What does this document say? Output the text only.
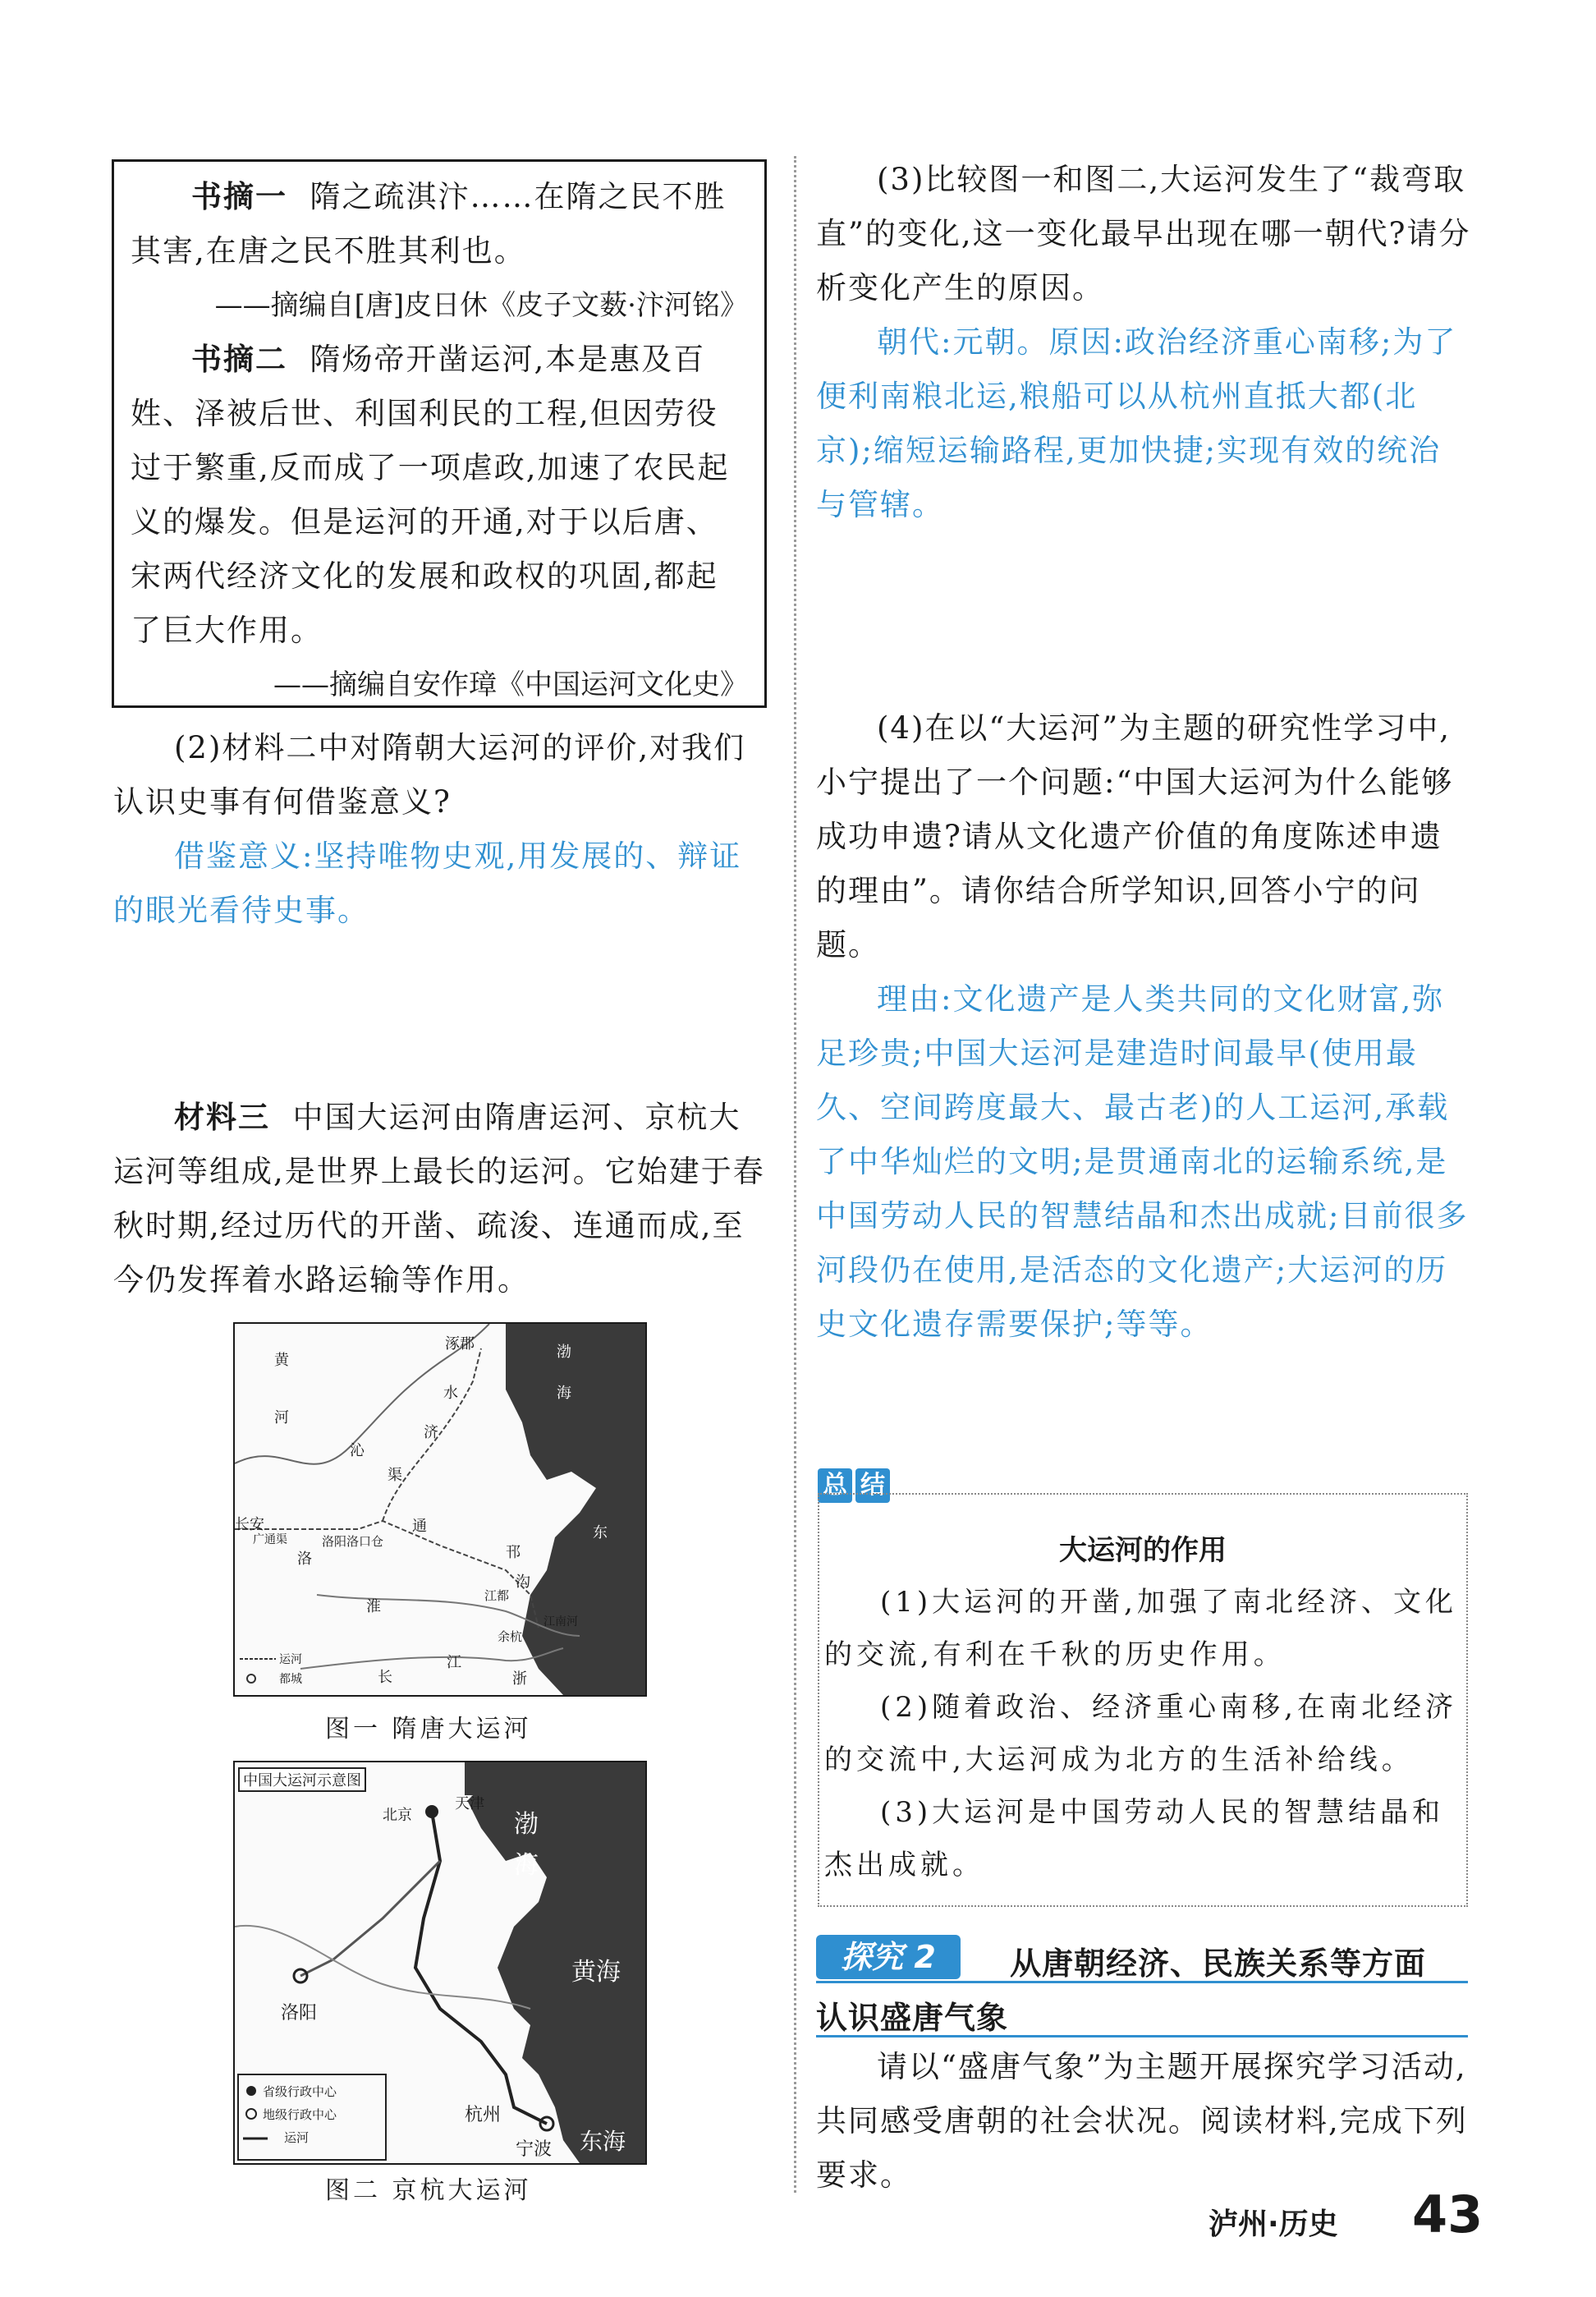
书摘一 隋之疏淇汴……在隋之民不胜其害,在唐之民不胜其利也。

——摘编自[唐]皮日休《皮子文薮·汴河铭》

书摘二 隋炀帝开凿运河,本是惠及百姓、泽被后世、利国利民的工程,但因劳役过于繁重,反而成了一项虐政,加速了农民起义的爆发。但是运河的开通,对于以后唐、宋两代经济文化的发展和政权的巩固,都起了巨大作用。

——摘编自安作璋《中国运河文化史》

(2)材料二中对隋朝大运河的评价,对我们认识史事有何借鉴意义?

借鉴意义:坚持唯物史观,用发展的、辩证的眼光看待史事。

材料三 中国大运河由隋唐运河、京杭大运河等组成,是世界上最长的运河。它始建于春秋时期,经过历代的开凿、疏浚、连通而成,至今仍发挥着水路运输等作用。

黄
河
涿郡	渤
海
水
济
沁
渠
通
长安
广通渠	洛阳洛口仓
洛
淮
江都
邗
沟
余杭
江
浙
东
长
江南河
运河
都城
图一 隋唐大运河
中国大运河示意图
北京
天津
渤
海
黄海
洛阳
杭州
宁波 东海
省级行政中心
地级行政中心
运河
图二 京杭大运河

(3)比较图一和图二,大运河发生了“裁弯取直”的变化,这一变化最早出现在哪一朝代?请分析变化产生的原因。

朝代:元朝。原因:政治经济重心南移;为了便利南粮北运,粮船可以从杭州直抵大都(北京);缩短运输路程,更加快捷;实现有效的统治与管辖。

(4)在以“大运河”为主题的研究性学习中,小宁提出了一个问题:“中国大运河为什么能够成功申遗?请从文化遗产价值的角度陈述申遗的理由”。请你结合所学知识,回答小宁的问题。

理由:文化遗产是人类共同的文化财富,弥足珍贵;中国大运河是建造时间最早(使用最久、空间跨度最大、最古老)的人工运河,承载了中华灿烂的文明;是贯通南北的运输系统,是中国劳动人民的智慧结晶和杰出成就;目前很多河段仍在使用,是活态的文化遗产;大运河的历史文化遗存需要保护;等等。

总 结
大运河的作用

(1)大运河的开凿,加强了南北经济、文化的交流,有利在千秋的历史作用。

(2)随着政治、经济重心南移,在南北经济的交流中,大运河成为北方的生活补给线。

(3)大运河是中国劳动人民的智慧结晶和杰出成就。

探究 2	从唐朝经济、民族关系等方面
认识盛唐气象

请以“盛唐气象”为主题开展探究学习活动,共同感受唐朝的社会状况。阅读材料,完成下列要求。

泸州·历史 43
